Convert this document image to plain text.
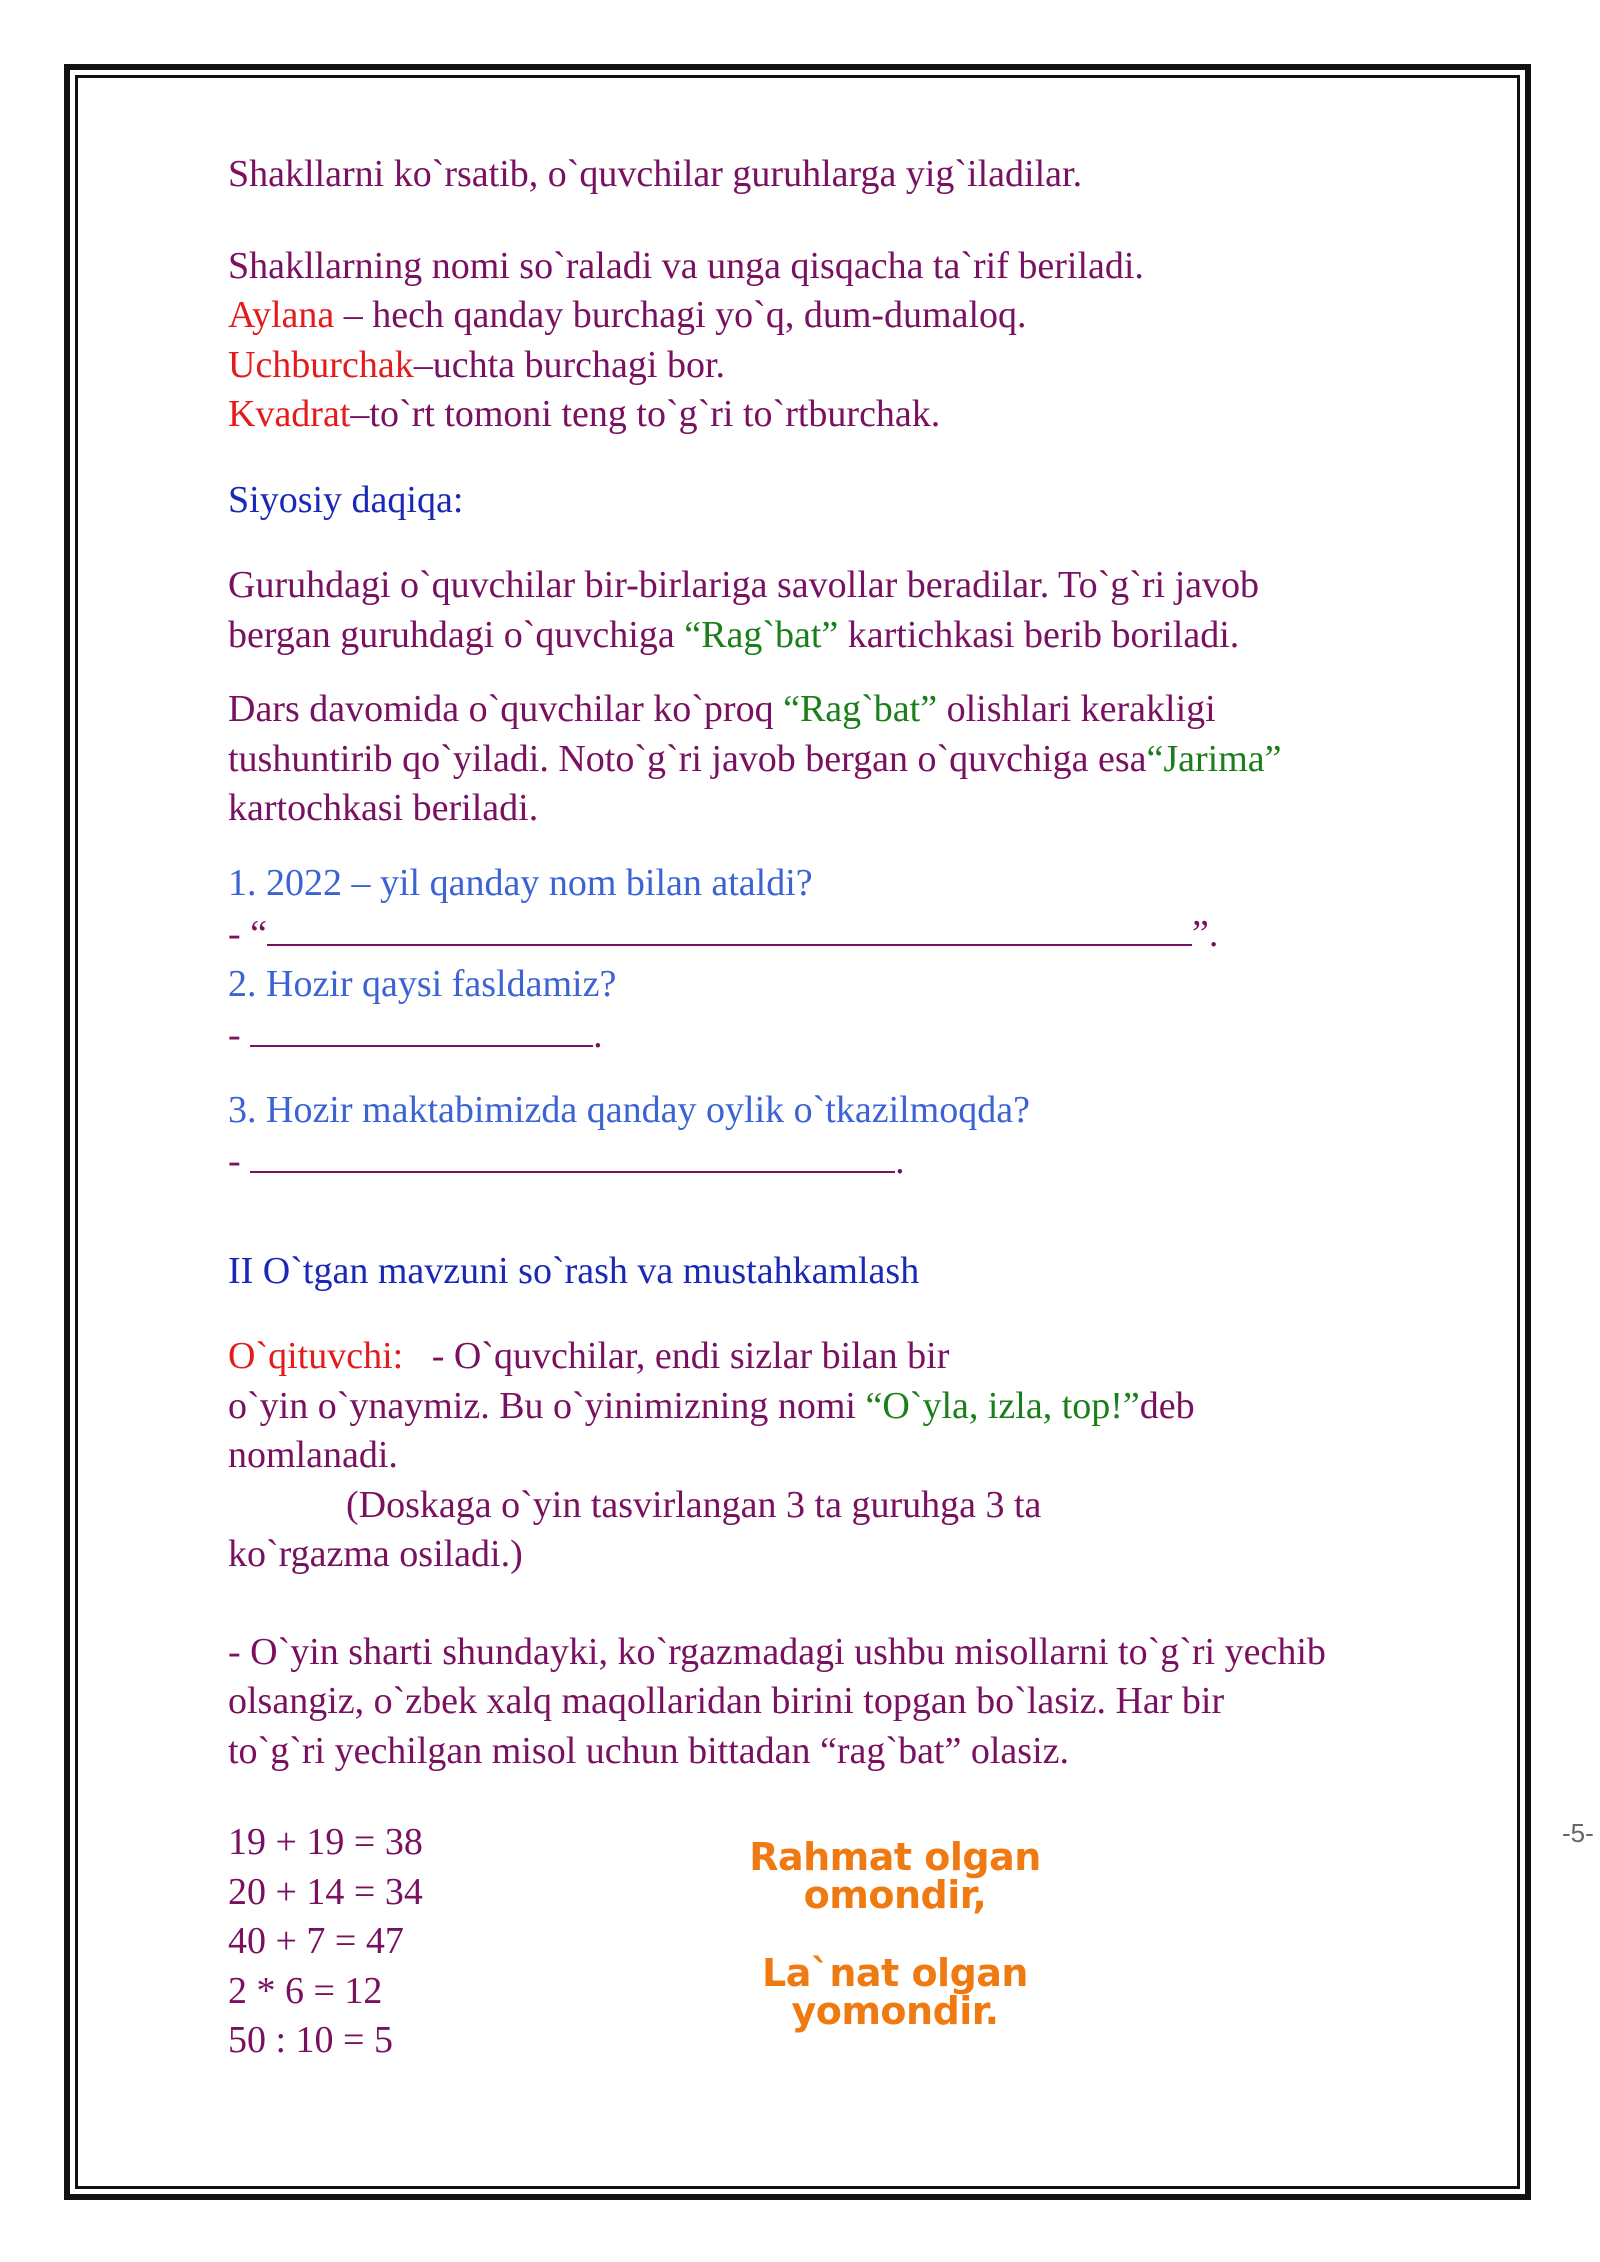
Shakllarni ko`rsatib, o`quvchilar guruhlarga yig`iladilar.

Shakllarning nomi so`raladi va unga qisqacha ta`rif beriladi.

Aylana – hech qanday burchagi yo`q, dum-dumaloq.

Uchburchak–uchta burchagi bor.

Kvadrat–to`rt tomoni teng to`g`ri to`rtburchak.

Siyosiy daqiqa:

Guruhdagi o`quvchilar bir-birlariga savollar beradilar. To`g`ri javob

bergan guruhdagi o`quvchiga “Rag`bat” kartichkasi berib boriladi.

Dars davomida o`quvchilar ko`proq “Rag`bat” olishlari kerakligi

tushuntirib qo`yiladi. Noto`g`ri javob bergan o`quvchiga esa“Jarima”

kartochkasi beriladi.

1. 2022 – yil qanday nom bilan ataldi?

- “	”.

2. Hozir qaysi fasldamiz?

-	.

3. Hozir maktabimizda qanday oylik o`tkazilmoqda?

-	.

II O`tgan mavzuni so`rash va mustahkamlash

O`qituvchi:   - O`quvchilar, endi sizlar bilan bir

o`yin o`ynaymiz. Bu o`yinimizning nomi “O`yla, izla, top!”deb

nomlanadi.

(Doskaga o`yin tasvirlangan 3 ta guruhga 3 ta

ko`rgazma osiladi.)

- O`yin sharti shundayki, ko`rgazmadagi ushbu misollarni to`g`ri yechib

olsangiz, o`zbek xalq maqollaridan birini topgan bo`lasiz. Har bir

to`g`ri yechilgan misol uchun bittadan “rag`bat” olasiz.

19 + 19 = 38

20 + 14 = 34

40 + 7 = 47

2 * 6 = 12

50 : 10 = 5

Rahmat olgan
omondir,
La`nat olgan
yomondir.
-5-
